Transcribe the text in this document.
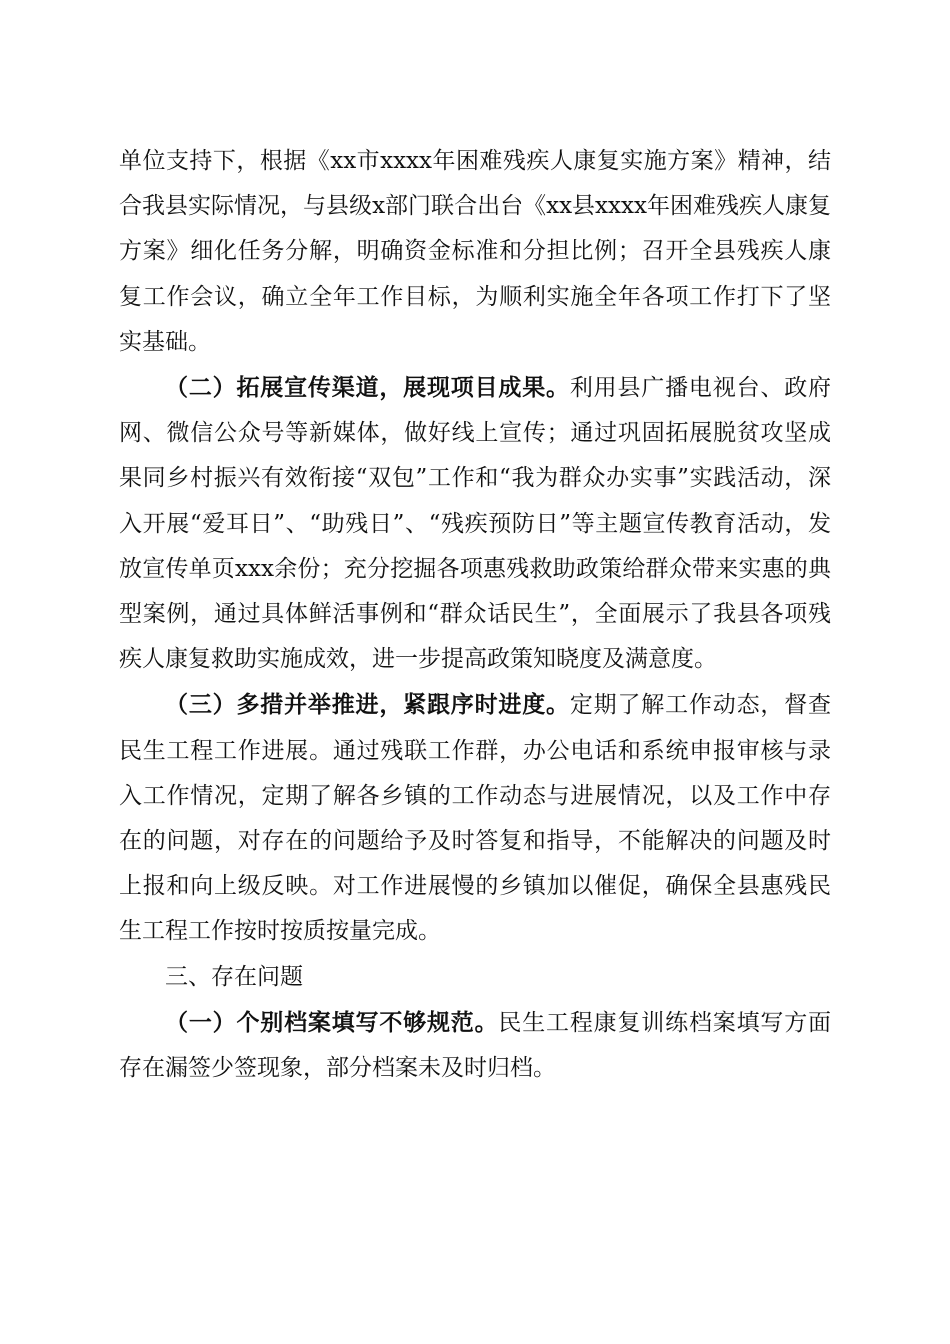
单位支持下，根据《xx市xxxx年困难残疾人康复实施方案》精神，结合我县实际情况，与县级x部门联合出台《xx县xxxx年困难残疾人康复方案》细化任务分解，明确资金标准和分担比例；召开全县残疾人康复工作会议，确立全年工作目标，为顺利实施全年各项工作打下了坚实基础。

（二）拓展宣传渠道，展现项目成果。利用县广播电视台、政府网、微信公众号等新媒体，做好线上宣传；通过巩固拓展脱贫攻坚成果同乡村振兴有效衔接“双包”工作和“我为群众办实事”实践活动，深入开展“爱耳日”、“助残日”、“残疾预防日”等主题宣传教育活动，发放宣传单页xxx余份；充分挖掘各项惠残救助政策给群众带来实惠的典型案例，通过具体鲜活事例和“群众话民生”，全面展示了我县各项残疾人康复救助实施成效，进一步提高政策知晓度及满意度。

（三）多措并举推进，紧跟序时进度。定期了解工作动态，督查民生工程工作进展。通过残联工作群，办公电话和系统申报审核与录入工作情况，定期了解各乡镇的工作动态与进展情况，以及工作中存在的问题，对存在的问题给予及时答复和指导，不能解决的问题及时上报和向上级反映。对工作进展慢的乡镇加以催促，确保全县惠残民生工程工作按时按质按量完成。

三、存在问题

（一）个别档案填写不够规范。民生工程康复训练档案填写方面存在漏签少签现象，部分档案未及时归档。
